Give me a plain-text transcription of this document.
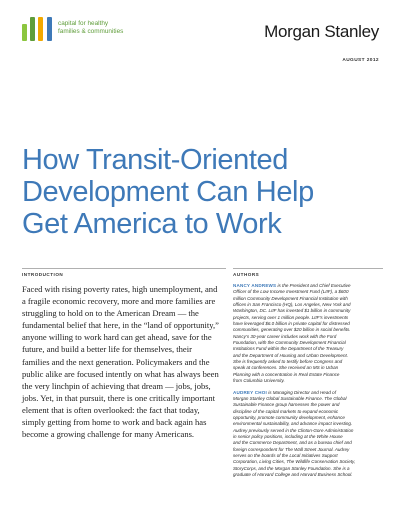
capital for healthy
families & communities	Morgan Stanley
AUGUST 2012
How Transit-Oriented
Development Can Help
Get America to Work
INTRODUCTION	AUTHORS

Faced with rising poverty rates, high unemployment, and
a fragile economic recovery, more and more families are
struggling to hold on to the American Dream — the
fundamental belief that here, in the “land of opportunity,”
anyone willing to work hard can get ahead, save for the
future, and build a better life for themselves, their
families and the next generation. Policymakers and the
public alike are focused intently on what has always been
the very linchpin of achieving that dream — jobs, jobs,
jobs. Yet, in that pursuit, there is one critically important
element that is often overlooked: the fact that today,
simply getting from home to work and back again has
become a growing challenge for many Americans.

NANCY ANDREWS is the President and Chief Executive
Officer of the Low Income Investment Fund (LIIF), a $600
million Community Development Financial Institution with
offices in San Francisco (HQ), Los Angeles, New York and
Washington, DC. LIIF has invested $1 billion in community
projects, serving over 1 million people. LIIF’s investments
have leveraged $6.0 billion in private capital for distressed
communities, generating over $20 billion in social benefits.
Nancy’s 30-year career includes work with the Ford
Foundation, with the Community Development Financial
Institutions Fund within the Department of the Treasury
and the Department of Housing and Urban Development.
She is frequently asked to testify before Congress and
speak at conferences. She received an MS in Urban
Planning with a concentration in Real Estate Finance
from Columbia University.

AUDREY CHOI is Managing Director and Head of
Morgan Stanley Global Sustainable Finance. The Global
Sustainable Finance group harnesses the power and
discipline of the capital markets to expand economic
opportunity, promote community development, enhance
environmental sustainability, and advance impact investing.
Audrey previously served in the Clinton-Gore Administration
in senior policy positions, including at the White House
and the Commerce Department, and as a bureau chief and
foreign correspondent for The Wall Street Journal. Audrey
serves on the boards of the Local Initiatives Support
Corporation, Living Cities, The Wildlife Conservation Society,
StoryCorps, and the Morgan Stanley Foundation. She is a
graduate of Harvard College and Harvard Business School.
